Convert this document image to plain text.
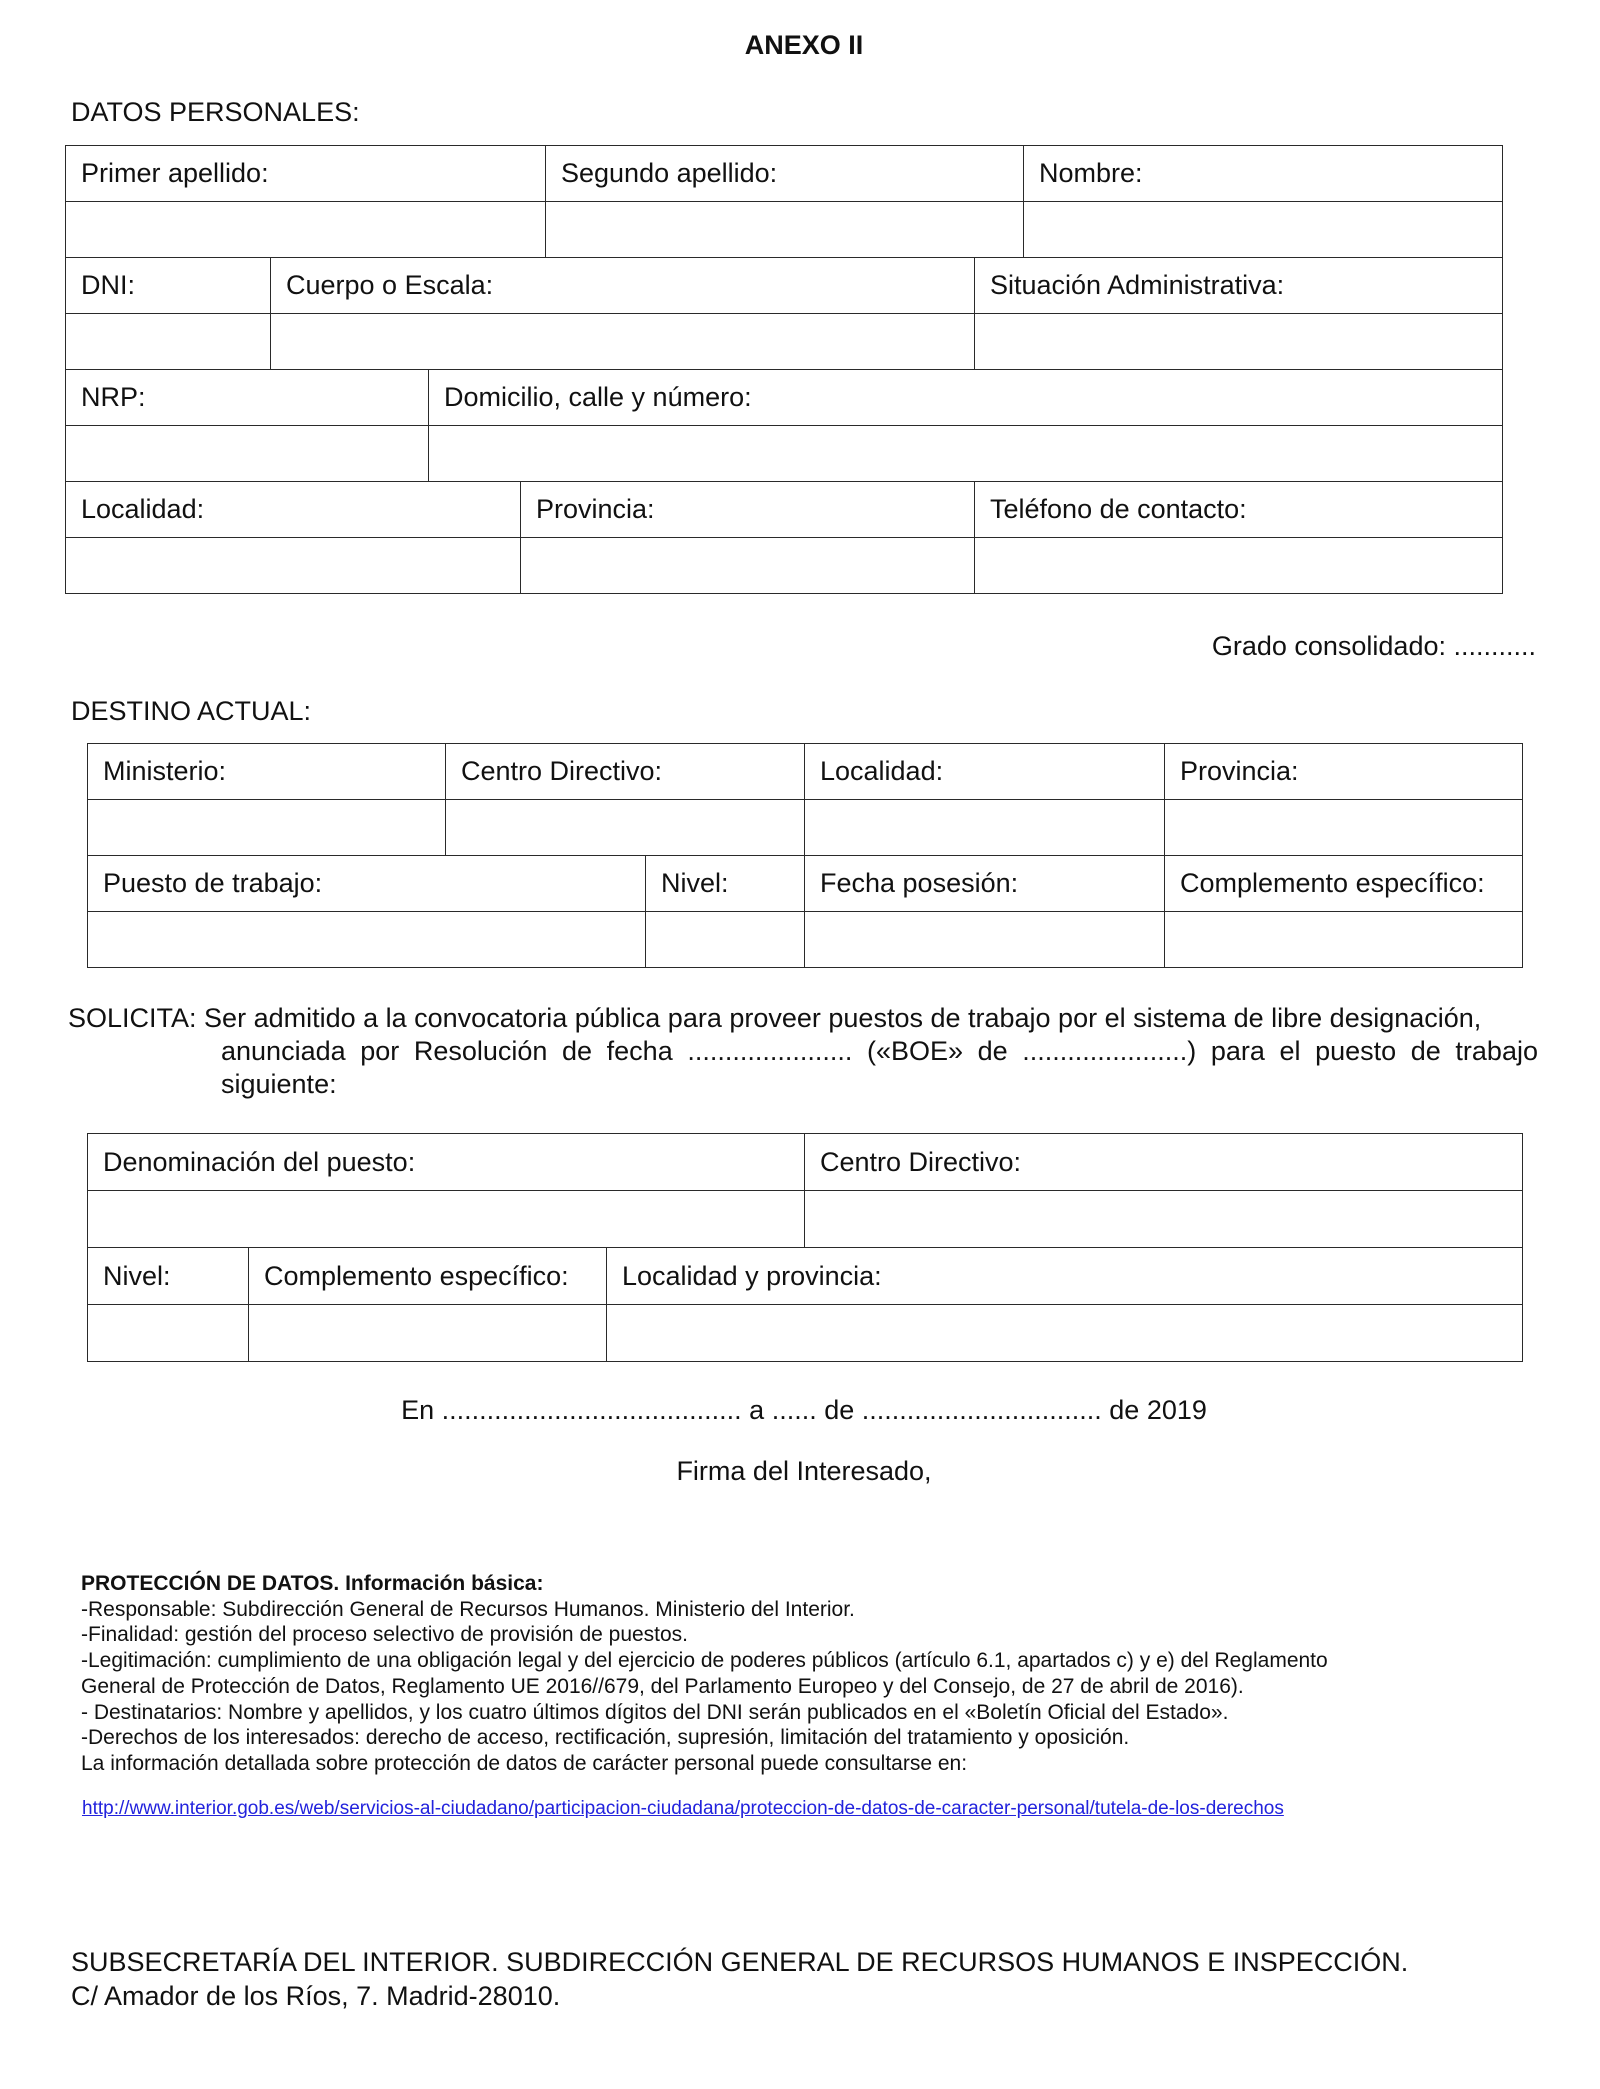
ANEXO II
DATOS PERSONALES:
Primer apellido:	Segundo apellido:	Nombre:
DNI:	Cuerpo o Escala:	Situación Administrativa:
NRP:	Domicilio, calle y número:
Localidad:	Provincia:	Teléfono de contacto:
Grado consolidado: ...........
DESTINO ACTUAL:
Ministerio:	Centro Directivo:	Localidad:	Provincia:
Puesto de trabajo:	Nivel:	Fecha posesión:	Complemento específico:
SOLICITA: Ser admitido a la convocatoria pública para proveer puestos de trabajo por el sistema de libre designación,
anunciada por Resolución de fecha ...................... («BOE» de ......................) para el puesto de trabajo
siguiente:
Denominación del puesto:	Centro Directivo:
Nivel:	Complemento específico:	Localidad y provincia:
En ........................................ a ...... de ................................ de 2019
Firma del Interesado,
PROTECCIÓN DE DATOS. Información básica:
-Responsable: Subdirección General de Recursos Humanos. Ministerio del Interior.
-Finalidad: gestión del proceso selectivo de provisión de puestos.
-Legitimación: cumplimiento de una obligación legal y del ejercicio de poderes públicos (artículo 6.1, apartados c) y e) del Reglamento
General de Protección de Datos, Reglamento UE 2016//679, del Parlamento Europeo y del Consejo, de 27 de abril de 2016).
- Destinatarios: Nombre y apellidos, y los cuatro últimos dígitos del DNI serán publicados en el «Boletín Oficial del Estado».
-Derechos de los interesados: derecho de acceso, rectificación, supresión, limitación del tratamiento y oposición.
La información detallada sobre protección de datos de carácter personal puede consultarse en:
http://www.interior.gob.es/web/servicios-al-ciudadano/participacion-ciudadana/proteccion-de-datos-de-caracter-personal/tutela-de-los-derechos
SUBSECRETARÍA DEL INTERIOR. SUBDIRECCIÓN GENERAL DE RECURSOS HUMANOS E INSPECCIÓN.
C/ Amador de los Ríos, 7. Madrid-28010.
